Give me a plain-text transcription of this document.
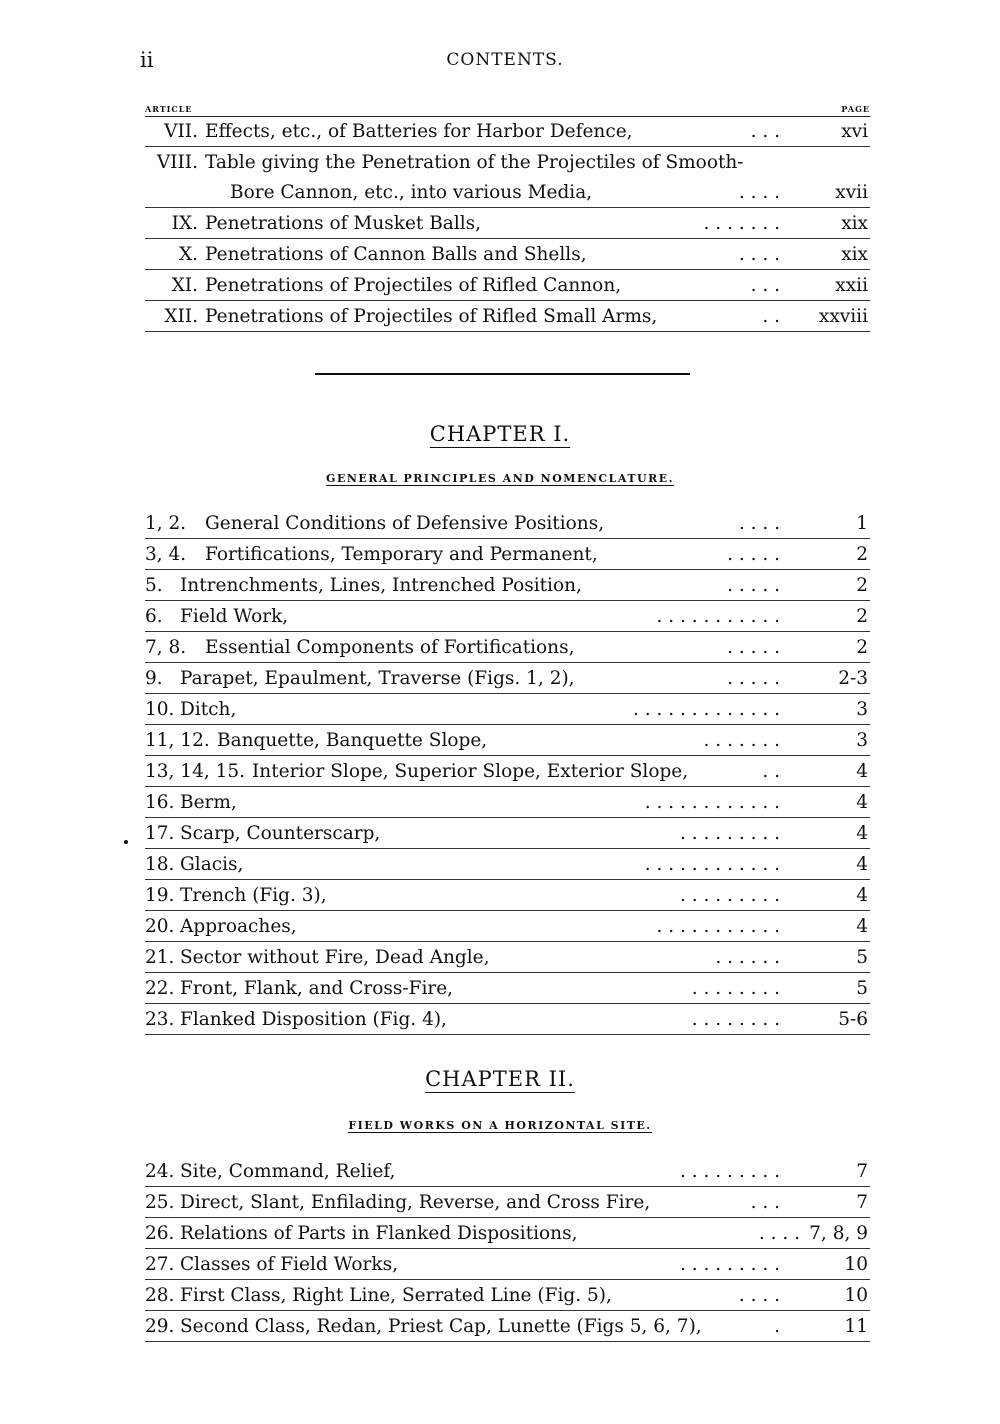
ii	CONTENTS.
ARTICLE	PAGE
VII. Effects, etc., of Batteries for Harbor Defence,	. . .	xvi
VIII. Table giving the Penetration of the Projectiles of Smooth-
Bore Cannon, etc., into various Media,	. . . .	xvii
IX. Penetrations of Musket Balls,	. . . . . . .	xix
X. Penetrations of Cannon Balls and Shells,	. . . .	xix
XI. Penetrations of Projectiles of Rifled Cannon,	. . .	xxii
XII. Penetrations of Projectiles of Rifled Small Arms,	. . xxviii
CHAPTER I.
GENERAL PRINCIPLES AND NOMENCLATURE.
1, 2. General Conditions of Defensive Positions,	. . . .	1
3, 4. Fortifications, Temporary and Permanent,	. . . . .	2
5. Intrenchments, Lines, Intrenched Position,	. . . . .	2
6. Field Work,	. . . . . . . . . . .	2
7, 8. Essential Components of Fortifications,	. . . . .	2
9. Parapet, Epaulment, Traverse (Figs. 1, 2),	. . . . .	2-3
10. Ditch,	. . . . . . . . . . . . .	3
11, 12. Banquette, Banquette Slope,	. . . . . . .	3
13, 14, 15. Interior Slope, Superior Slope, Exterior Slope,	. .	4
16. Berm,	. . . . . . . . . . . .	4
17. Scarp, Counterscarp,	. . . . . . . . .	4
18. Glacis,	. . . . . . . . . . . .	4
19. Trench (Fig. 3),	. . . . . . . . .	4
20. Approaches,	. . . . . . . . . . .	4
21. Sector without Fire, Dead Angle,	. . . . . .	5
22. Front, Flank, and Cross-Fire,	. . . . . . . .	5
23. Flanked Disposition (Fig. 4),	. . . . . . . .	5-6
CHAPTER II.
FIELD WORKS ON A HORIZONTAL SITE.
24. Site, Command, Relief,	. . . . . . . . .	7
25. Direct, Slant, Enfilading, Reverse, and Cross Fire,	. . .	7
26. Relations of Parts in Flanked Dispositions,	. . . . 7, 8, 9
27. Classes of Field Works,	. . . . . . . . .	10
28. First Class, Right Line, Serrated Line (Fig. 5),	. . . .	10
29. Second Class, Redan, Priest Cap, Lunette (Figs 5, 6, 7),	.	11
